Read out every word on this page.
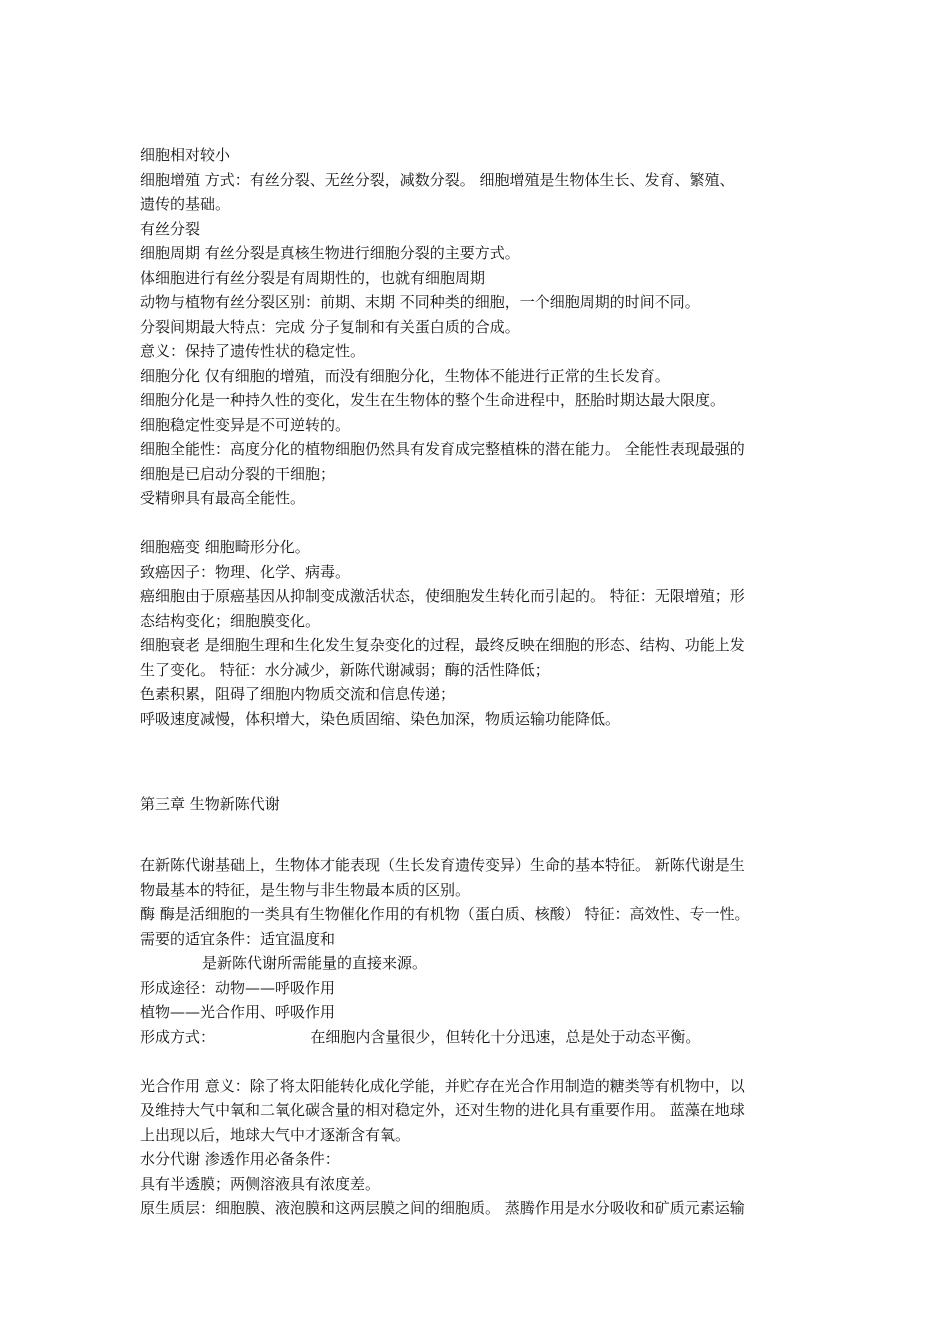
细胞相对较小
细胞增殖 方式：有丝分裂、无丝分裂，减数分裂。 细胞增殖是生物体生长、发育、繁殖、
遗传的基础。
有丝分裂
细胞周期 有丝分裂是真核生物进行细胞分裂的主要方式。
体细胞进行有丝分裂是有周期性的，也就有细胞周期
动物与植物有丝分裂区别：前期、末期 不同种类的细胞，一个细胞周期的时间不同。
分裂间期最大特点：完成 分子复制和有关蛋白质的合成。
意义：保持了遗传性状的稳定性。
细胞分化 仅有细胞的增殖，而没有细胞分化，生物体不能进行正常的生长发育。
细胞分化是一种持久性的变化，发生在生物体的整个生命进程中，胚胎时期达最大限度。
细胞稳定性变异是不可逆转的。
细胞全能性：高度分化的植物细胞仍然具有发育成完整植株的潜在能力。 全能性表现最强的
细胞是已启动分裂的干细胞；
受精卵具有最高全能性。
细胞癌变 细胞畸形分化。
致癌因子：物理、化学、病毒。
癌细胞由于原癌基因从抑制变成激活状态，使细胞发生转化而引起的。 特征：无限增殖；形
态结构变化；细胞膜变化。
细胞衰老 是细胞生理和生化发生复杂变化的过程，最终反映在细胞的形态、结构、功能上发
生了变化。 特征：水分减少，新陈代谢减弱；酶的活性降低；
色素积累，阻碍了细胞内物质交流和信息传递；
呼吸速度减慢，体积增大，染色质固缩、染色加深，物质运输功能降低。
第三章 生物新陈代谢
在新陈代谢基础上，生物体才能表现（生长发育遗传变异）生命的基本特征。 新陈代谢是生
物最基本的特征，是生物与非生物最本质的区别。
酶 酶是活细胞的一类具有生物催化作用的有机物（蛋白质、核酸） 特征：高效性、专一性。
需要的适宜条件：适宜温度和
是新陈代谢所需能量的直接来源。
形成途径：动物——呼吸作用
植物——光合作用、呼吸作用
形成方式：                    在细胞内含量很少，但转化十分迅速，总是处于动态平衡。
光合作用 意义：除了将太阳能转化成化学能，并贮存在光合作用制造的糖类等有机物中，以
及维持大气中氧和二氧化碳含量的相对稳定外，还对生物的进化具有重要作用。 蓝藻在地球
上出现以后，地球大气中才逐渐含有氧。
水分代谢 渗透作用必备条件：
具有半透膜；两侧溶液具有浓度差。
原生质层：细胞膜、液泡膜和这两层膜之间的细胞质。 蒸腾作用是水分吸收和矿质元素运输
